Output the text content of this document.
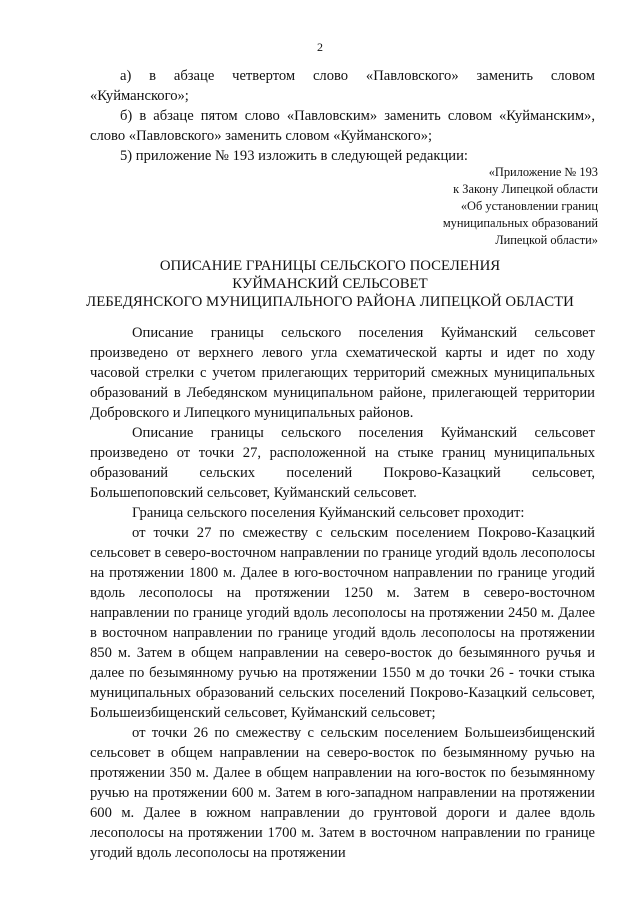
2

а) в абзаце четвертом слово «Павловского» заменить словом «Куйманского»;

б) в абзаце пятом слово «Павловским» заменить словом «Куйманским», слово «Павловского» заменить словом «Куйманского»;

5) приложение № 193 изложить в следующей редакции:

«Приложение № 193
к Закону Липецкой области
«Об установлении границ
муниципальных образований
Липецкой области»
ОПИСАНИЕ ГРАНИЦЫ СЕЛЬСКОГО ПОСЕЛЕНИЯ
КУЙМАНСКИЙ СЕЛЬСОВЕТ
ЛЕБЕДЯНСКОГО МУНИЦИПАЛЬНОГО РАЙОНА ЛИПЕЦКОЙ ОБЛАСТИ

Описание границы сельского поселения Куйманский сельсовет произведено от верхнего левого угла схематической карты и идет по ходу часовой стрелки с учетом прилегающих территорий смежных муниципальных образований в Лебедянском муниципальном районе, прилегающей территории Добровского и Липецкого муниципальных районов.

Описание границы сельского поселения Куйманский сельсовет произведено от точки 27, расположенной на стыке границ муниципальных образований сельских поселений Покрово-Казацкий сельсовет, Большепоповский сельсовет, Куйманский сельсовет.

Граница сельского поселения Куйманский сельсовет проходит:

от точки 27 по смежеству с сельским поселением Покрово-Казацкий сельсовет в северо-восточном направлении по границе угодий вдоль лесополосы на протяжении 1800 м. Далее в юго-восточном направлении по границе угодий вдоль лесополосы на протяжении 1250 м. Затем в северо-восточном направлении по границе угодий вдоль лесополосы на протяжении 2450 м. Далее в восточном направлении по границе угодий вдоль лесополосы на протяжении 850 м. Затем в общем направлении на северо-восток до безымянного ручья и далее по безымянному ручью на протяжении 1550 м до точки 26 - точки стыка муниципальных образований сельских поселений Покрово-Казацкий сельсовет, Большеизбищенский сельсовет, Куйманский сельсовет;

от точки 26 по смежеству с сельским поселением Большеизбищенский сельсовет в общем направлении на северо-восток по безымянному ручью на протяжении 350 м. Далее в общем направлении на юго-восток по безымянному ручью на протяжении 600 м. Затем в юго-западном направлении на протяжении 600 м. Далее в южном направлении до грунтовой дороги и далее вдоль лесополосы на протяжении 1700 м. Затем в восточном направлении по границе угодий вдоль лесополосы на протяжении
